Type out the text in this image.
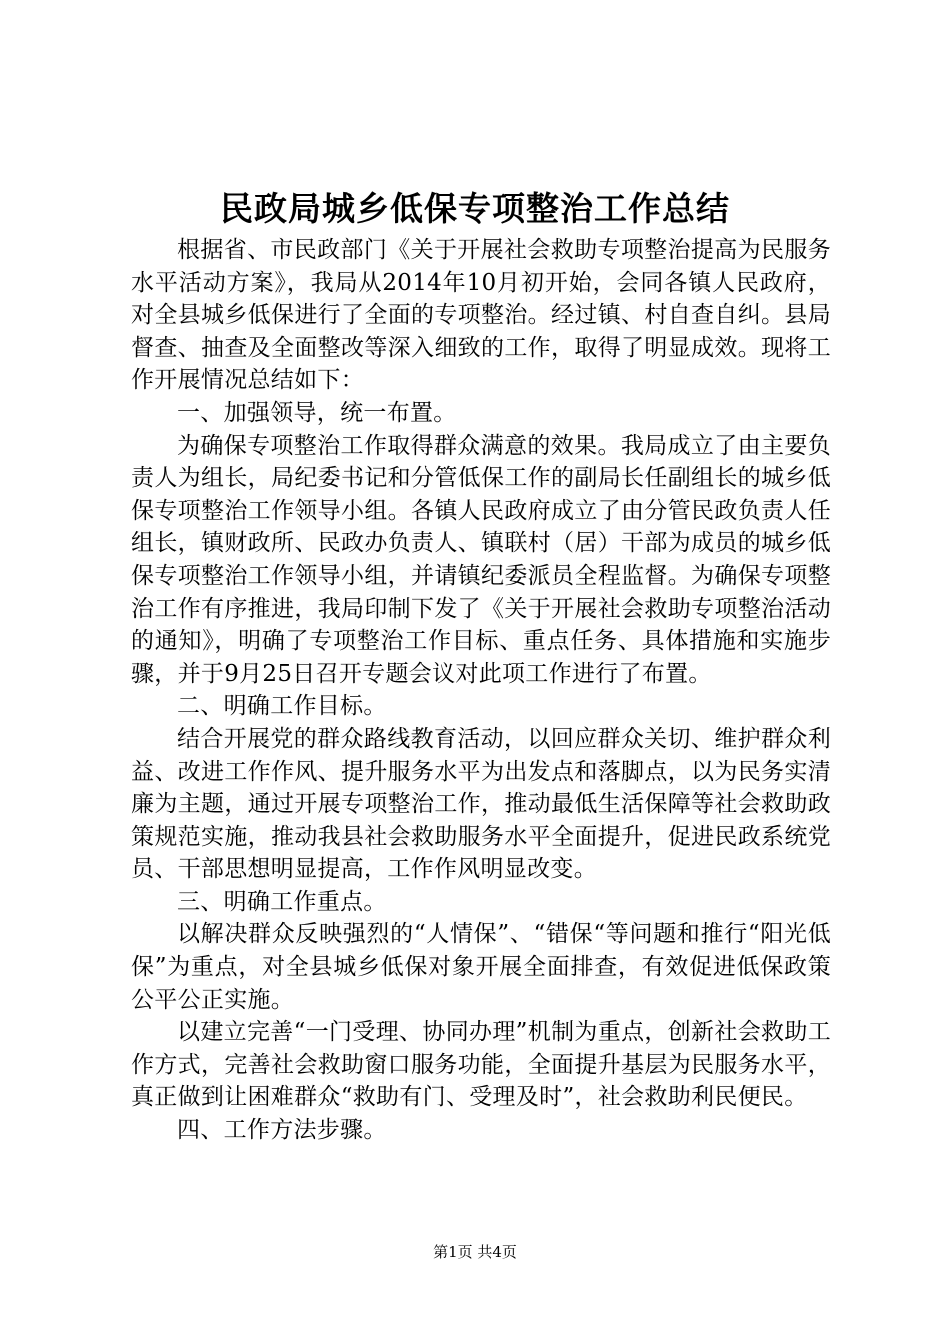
民政局城乡低保专项整治工作总结

根据省、市民政部门《关于开展社会救助专项整治提高为民服务水平活动方案》，我局从2014年10月初开始，会同各镇人民政府，对全县城乡低保进行了全面的专项整治。经过镇、村自查自纠。县局督查、抽查及全面整改等深入细致的工作，取得了明显成效。现将工作开展情况总结如下：

一、加强领导，统一布置。

为确保专项整治工作取得群众满意的效果。我局成立了由主要负责人为组长，局纪委书记和分管低保工作的副局长任副组长的城乡低保专项整治工作领导小组。各镇人民政府成立了由分管民政负责人任组长，镇财政所、民政办负责人、镇联村（居）干部为成员的城乡低保专项整治工作领导小组，并请镇纪委派员全程监督。为确保专项整治工作有序推进，我局印制下发了《关于开展社会救助专项整治活动的通知》，明确了专项整治工作目标、重点任务、具体措施和实施步骤，并于9月25日召开专题会议对此项工作进行了布置。

二、明确工作目标。

结合开展党的群众路线教育活动，以回应群众关切、维护群众利益、改进工作作风、提升服务水平为出发点和落脚点，以为民务实清廉为主题，通过开展专项整治工作，推动最低生活保障等社会救助政策规范实施，推动我县社会救助服务水平全面提升，促进民政系统党员、干部思想明显提高，工作作风明显改变。

三、明确工作重点。

以解决群众反映强烈的“人情保”、“错保“等问题和推行“阳光低保”为重点，对全县城乡低保对象开展全面排查，有效促进低保政策公平公正实施。

以建立完善“一门受理、协同办理”机制为重点，创新社会救助工作方式，完善社会救助窗口服务功能，全面提升基层为民服务水平，真正做到让困难群众“救助有门、受理及时”，社会救助利民便民。

四、工作方法步骤。

第1页 共4页
